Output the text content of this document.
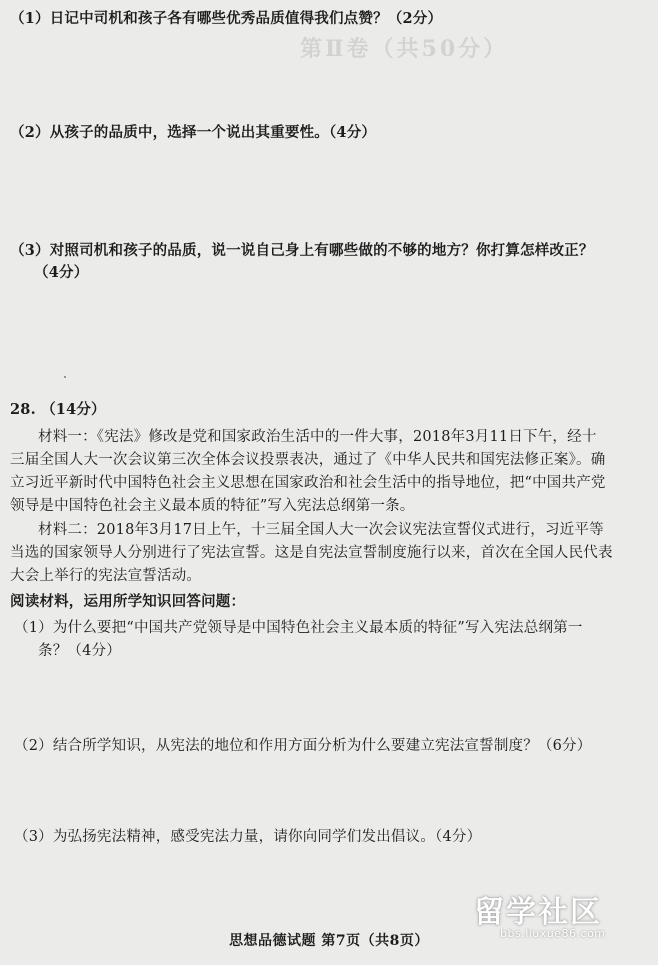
第Ⅱ卷（共50分）
（1）日记中司机和孩子各有哪些优秀品质值得我们点赞？（2分）
（2）从孩子的品质中，选择一个说出其重要性。（4分）
（3）对照司机和孩子的品质，说一说自己身上有哪些做的不够的地方？你打算怎样改正？
（4分）
28. （14分）
材料一：《宪法》修改是党和国家政治生活中的一件大事，2018年3月11日下午，经十
三届全国人大一次会议第三次全体会议投票表决，通过了《中华人民共和国宪法修正案》。确
立习近平新时代中国特色社会主义思想在国家政治和社会生活中的指导地位，把“中国共产党
领导是中国特色社会主义最本质的特征”写入宪法总纲第一条。
材料二：2018年3月17日上午，十三届全国人大一次会议宪法宣誓仪式进行，习近平等
当选的国家领导人分别进行了宪法宣誓。这是自宪法宣誓制度施行以来，首次在全国人民代表
大会上举行的宪法宣誓活动。
阅读材料，运用所学知识回答问题：
（1）为什么要把“中国共产党领导是中国特色社会主义最本质的特征”写入宪法总纲第一
条？（4分）
（2）结合所学知识，从宪法的地位和作用方面分析为什么要建立宪法宣誓制度？（6分）
（3）为弘扬宪法精神，感受宪法力量，请你向同学们发出倡议。（4分）
思想品德试题 第7页（共8页）
留学社区
bbs.liuxue86.com
